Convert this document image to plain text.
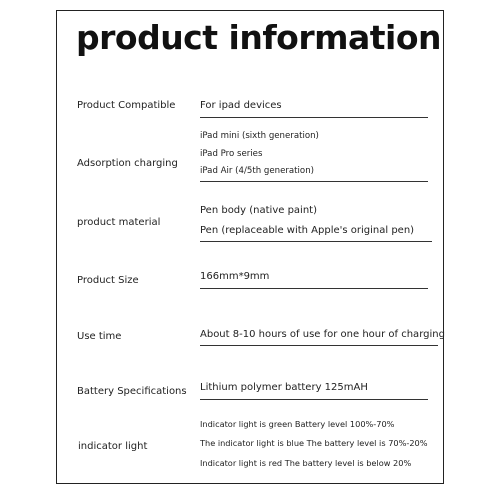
product information
Product Compatible For ipad devices
Adsorption charging
iPad mini (sixth generation)
iPad Pro series
iPad Air (4/5th generation)
product material
Pen body (native paint)
Pen (replaceable with Apple's original pen)
Product Size	166mm*9mm
Use time	About 8-10 hours of use for one hour of charging
Battery Specifications Lithium polymer battery 125mAH
indicator light
Indicator light is green Battery level 100%-70%
The indicator light is blue The battery level is 70%-20%
Indicator light is red The battery level is below 20%
